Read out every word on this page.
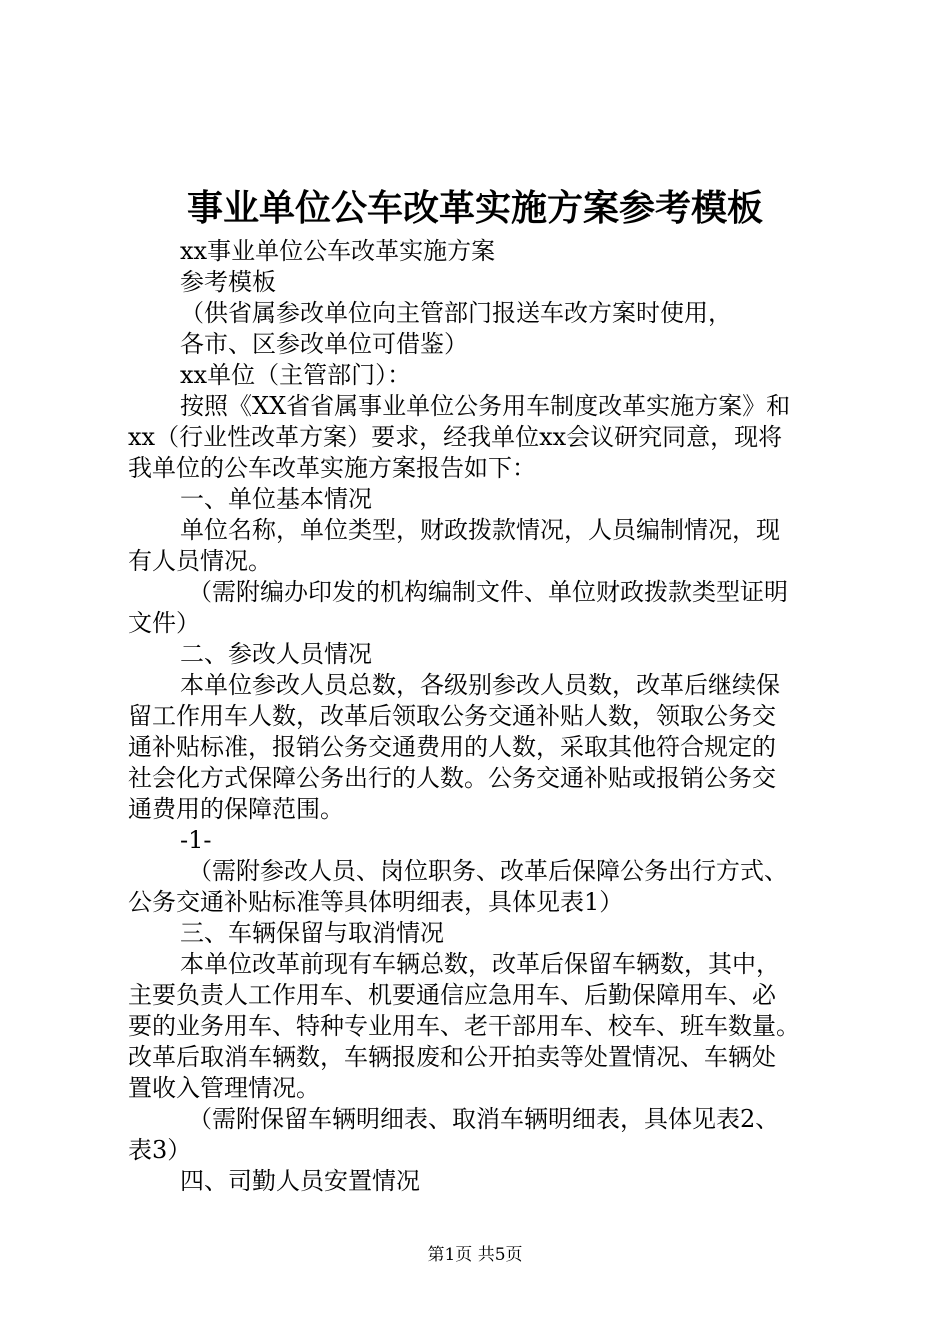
事业单位公车改革实施方案参考模板
xx事业单位公车改革实施方案
参考模板
（供省属参改单位向主管部门报送车改方案时使用，
各市、区参改单位可借鉴）
xx单位（主管部门）：
按照《XX省省属事业单位公务用车制度改革实施方案》和
xx（行业性改革方案）要求，经我单位xx会议研究同意，现将
我单位的公车改革实施方案报告如下：
一、单位基本情况
单位名称，单位类型，财政拨款情况，人员编制情况，现
有人员情况。
（需附编办印发的机构编制文件、单位财政拨款类型证明
文件）
二、参改人员情况
本单位参改人员总数，各级别参改人员数，改革后继续保
留工作用车人数，改革后领取公务交通补贴人数，领取公务交
通补贴标准，报销公务交通费用的人数，采取其他符合规定的
社会化方式保障公务出行的人数。公务交通补贴或报销公务交
通费用的保障范围。
-1-
（需附参改人员、岗位职务、改革后保障公务出行方式、
公务交通补贴标准等具体明细表，具体见表1）
三、车辆保留与取消情况
本单位改革前现有车辆总数，改革后保留车辆数，其中，
主要负责人工作用车、机要通信应急用车、后勤保障用车、必
要的业务用车、特种专业用车、老干部用车、校车、班车数量。
改革后取消车辆数，车辆报废和公开拍卖等处置情况、车辆处
置收入管理情况。
（需附保留车辆明细表、取消车辆明细表，具体见表2、
表3）
四、司勤人员安置情况
第1页 共5页
